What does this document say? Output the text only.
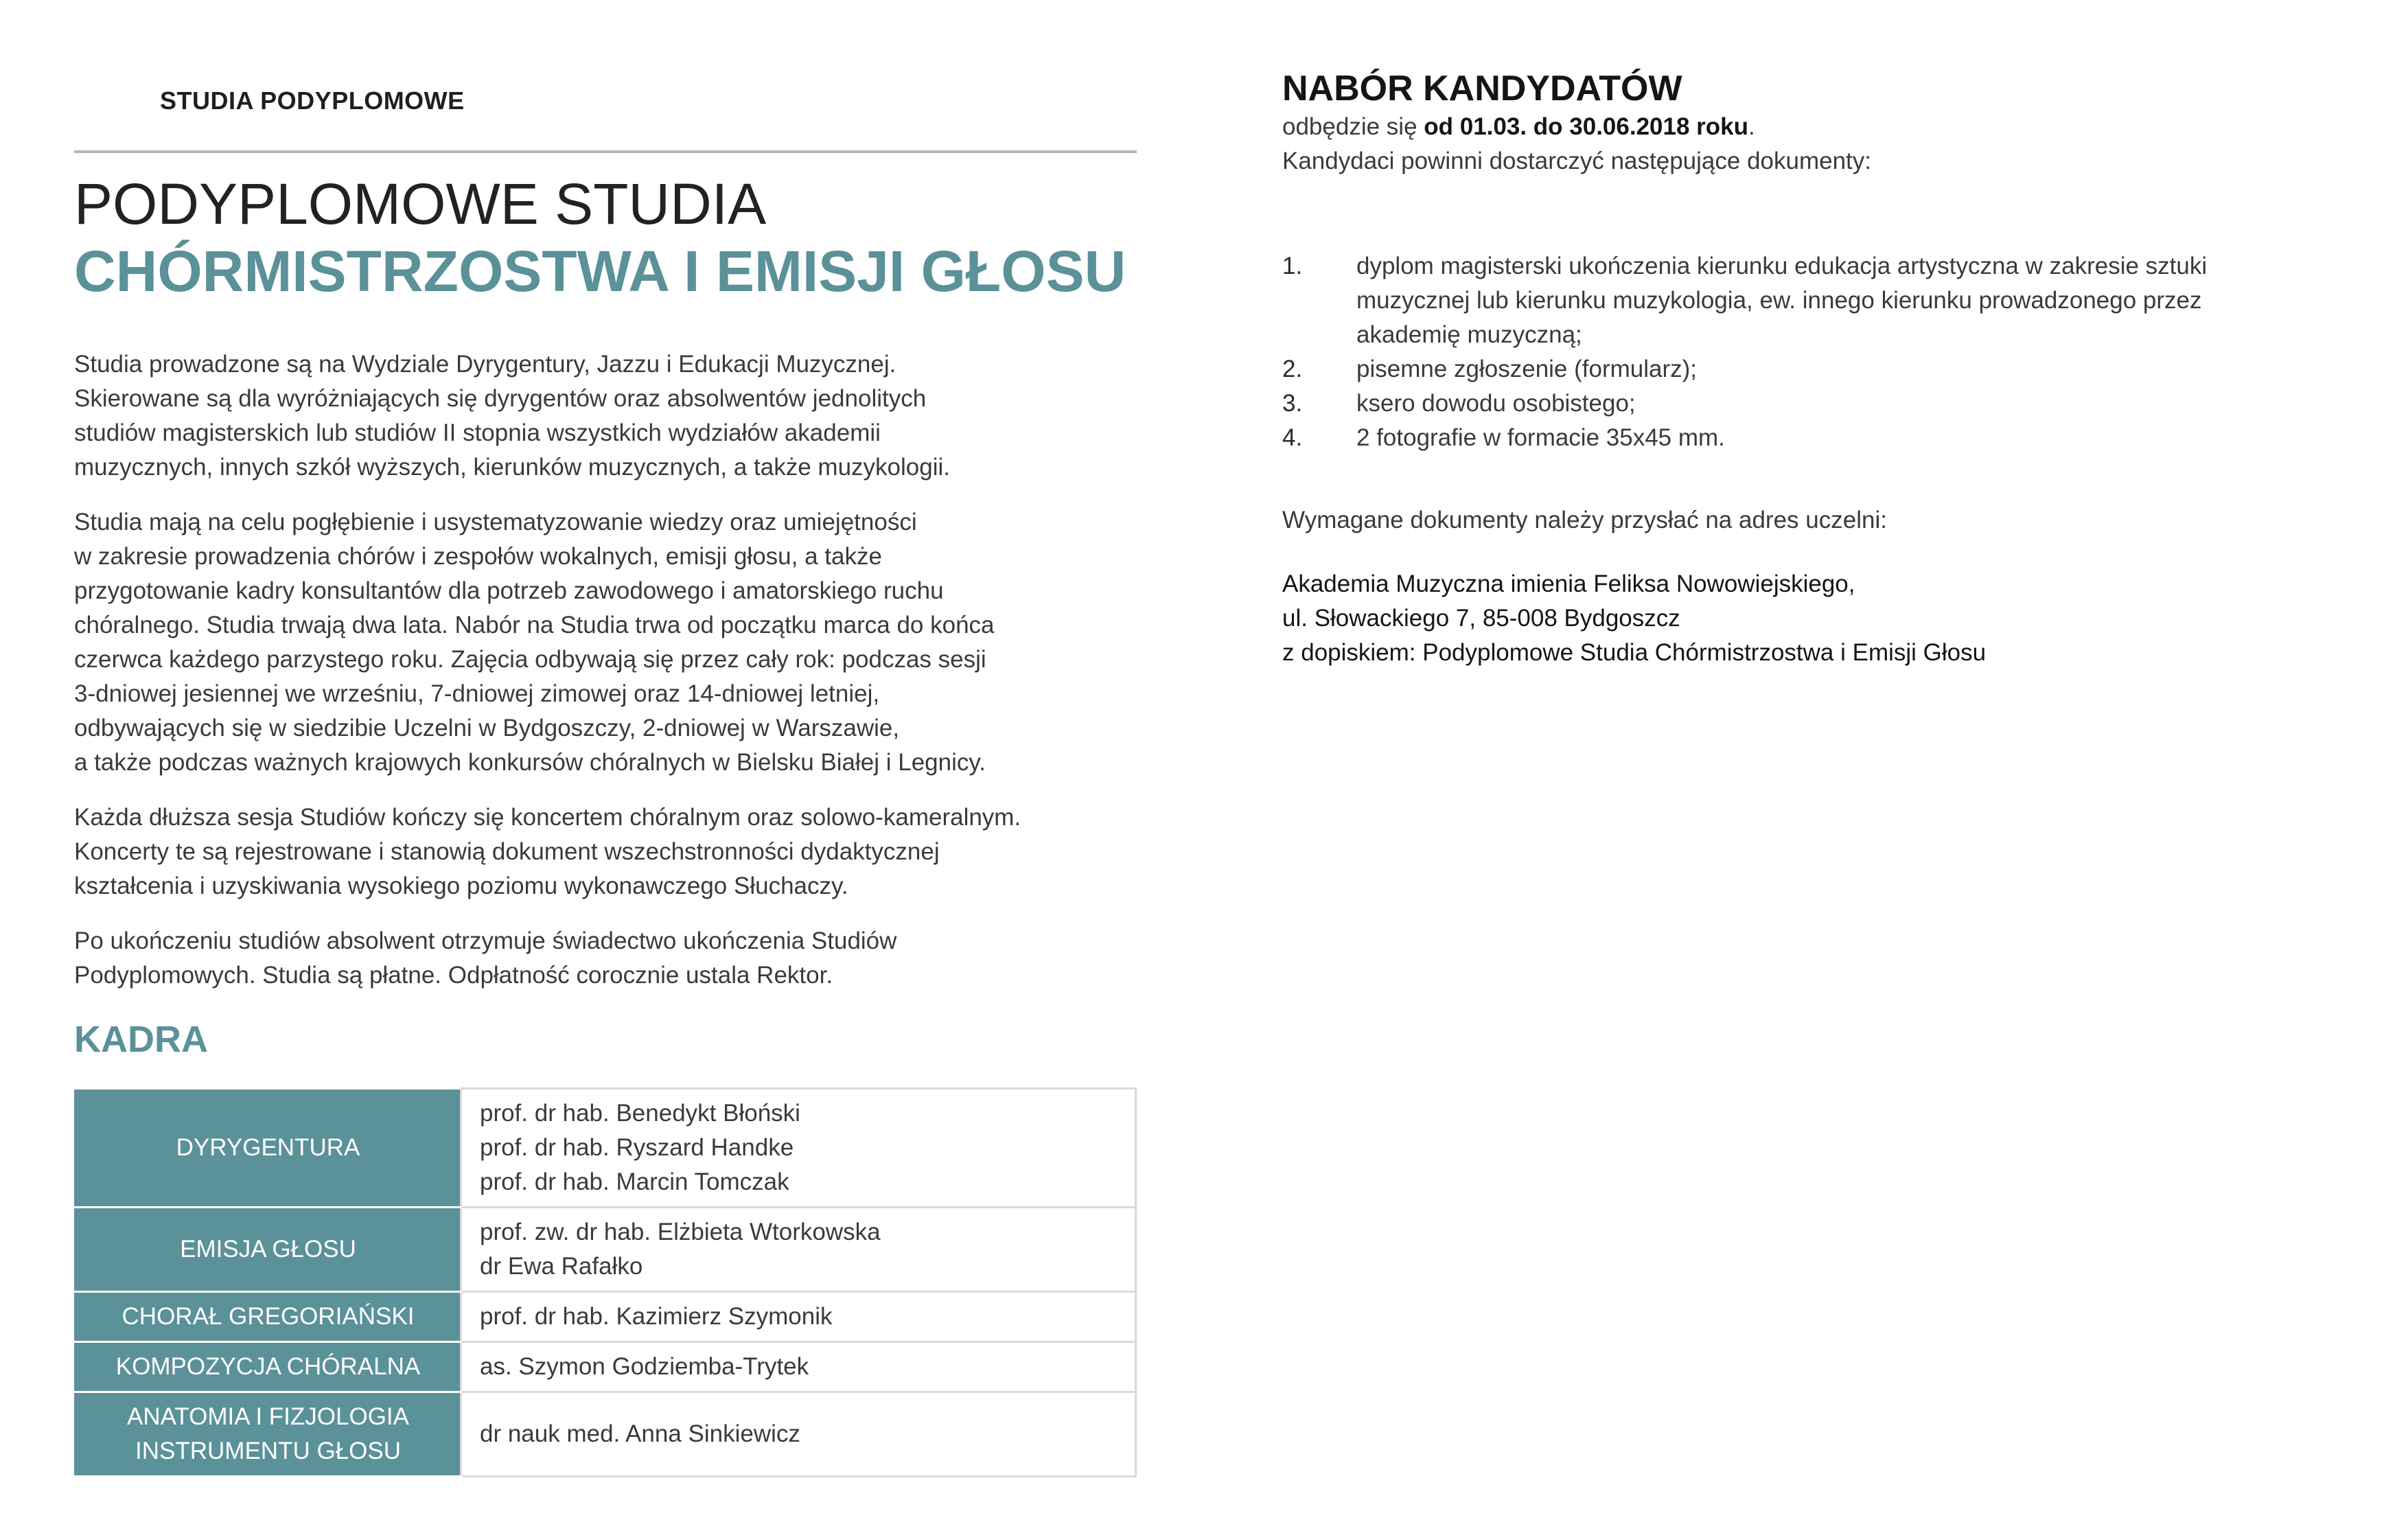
STUDIA PODYPLOMOWE
PODYPLOMOWE STUDIA
CHÓRMISTRZOSTWA I EMISJI GŁOSU

Studia prowadzone są na Wydziale Dyrygentury, Jazzu i Edukacji Muzycznej.
Skierowane są dla wyróżniających się dyrygentów oraz absolwentów jednolitych
studiów magisterskich lub studiów II stopnia wszystkich wydziałów akademii
muzycznych, innych szkół wyższych, kierunków muzycznych, a także muzykologii.

Studia mają na celu pogłębienie i usystematyzowanie wiedzy oraz umiejętności
w zakresie prowadzenia chórów i zespołów wokalnych, emisji głosu, a także
przygotowanie kadry konsultantów dla potrzeb zawodowego i amatorskiego ruchu
chóralnego. Studia trwają dwa lata. Nabór na Studia trwa od początku marca do końca
czerwca każdego parzystego roku. Zajęcia odbywają się przez cały rok: podczas sesji
3-dniowej jesiennej we wrześniu, 7-dniowej zimowej oraz 14-dniowej letniej,
odbywających się w siedzibie Uczelni w Bydgoszczy, 2-dniowej w Warszawie,
a także podczas ważnych krajowych konkursów chóralnych w Bielsku Białej i Legnicy.

Każda dłuższa sesja Studiów kończy się koncertem chóralnym oraz solowo-kameralnym.
Koncerty te są rejestrowane i stanowią dokument wszechstronności dydaktycznej
kształcenia i uzyskiwania wysokiego poziomu wykonawczego Słuchaczy.

Po ukończeniu studiów absolwent otrzymuje świadectwo ukończenia Studiów
Podyplomowych. Studia są płatne. Odpłatność corocznie ustala Rektor.

KADRA
DYRYGENTURA	prof. dr hab. Benedykt Błoński
prof. dr hab. Ryszard Handke
prof. dr hab. Marcin Tomczak

EMISJA GŁOSU	prof. zw. dr hab. Elżbieta Wtorkowska
dr Ewa Rafałko

CHORAŁ GREGORIAŃSKI	prof. dr hab. Kazimierz Szymonik

KOMPOZYCJA CHÓRALNA	as. Szymon Godziemba-Trytek

ANATOMIA I FIZJOLOGIA
INSTRUMENTU GŁOSU	dr nauk med. Anna Sinkiewicz
NABÓR KANDYDATÓW

odbędzie się od 01.03. do 30.06.2018 roku.

Kandydaci powinni dostarczyć następujące dokumenty:

1. dyplom magisterski ukończenia kierunku edukacja artystyczna w zakresie sztuki muzycznej lub kierunku muzykologia, ew. innego kierunku prowadzonego przez akademię muzyczną;
2. pisemne zgłoszenie (formularz);
3. ksero dowodu osobistego;
4. 2 fotografie w formacie 35x45 mm.

Wymagane dokumenty należy przysłać na adres uczelni:

Akademia Muzyczna imienia Feliksa Nowowiejskiego,
ul. Słowackiego 7, 85-008 Bydgoszcz
z dopiskiem: Podyplomowe Studia Chórmistrzostwa i Emisji Głosu
